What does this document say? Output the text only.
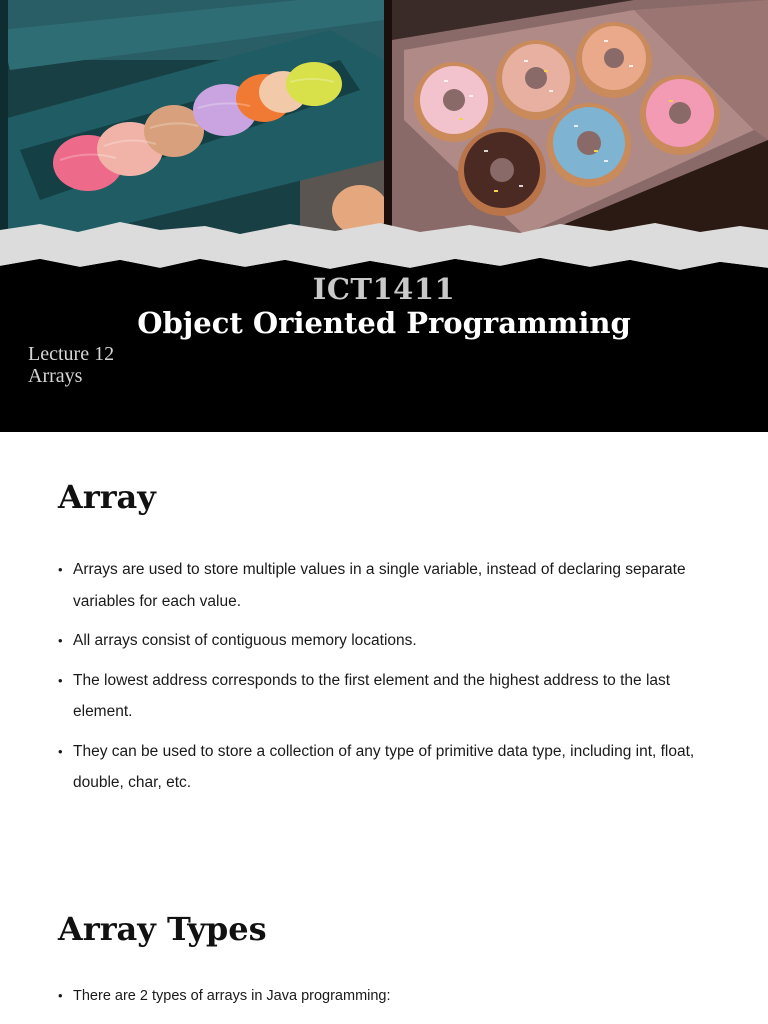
ICT1411
Object Oriented Programming
Lecture 12
Arrays
Array
• Arrays are used to store multiple values in a single variable, instead of declaring separate variables for each value.
• All arrays consist of contiguous memory locations.
• The lowest address corresponds to the first element and the highest address to the last element.
• They can be used to store a collection of any type of primitive data type, including int, float, double, char, etc.
Array Types
• There are 2 types of arrays in Java programming:
